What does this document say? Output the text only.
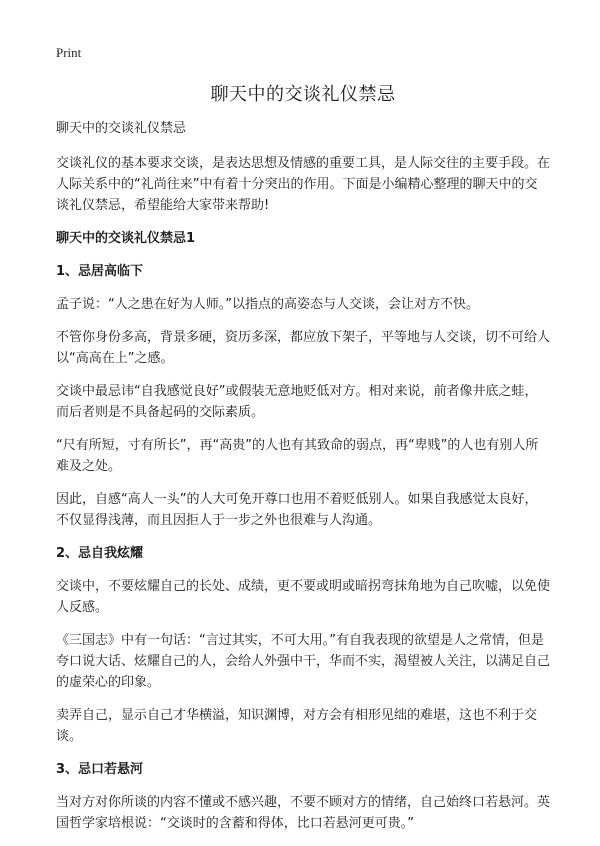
Print
聊天中的交谈礼仪禁忌

聊天中的交谈礼仪禁忌

交谈礼仪的基本要求交谈，是表达思想及情感的重要工具，是人际交往的主要手段。在人际关系中的“礼尚往来”中有着十分突出的作用。下面是小编精心整理的聊天中的交谈礼仪禁忌，希望能给大家带来帮助!

聊天中的交谈礼仪禁忌1

1、忌居高临下

孟子说：“人之患在好为人师。”以指点的高姿态与人交谈，会让对方不快。

不管你身份多高，背景多硬，资历多深，都应放下架子，平等地与人交谈，切不可给人以“高高在上”之感。

交谈中最忌讳“自我感觉良好”或假装无意地贬低对方。相对来说，前者像井底之蛙，而后者则是不具备起码的交际素质。

“尺有所短，寸有所长”，再“高贵”的人也有其致命的弱点，再“卑贱”的人也有别人所难及之处。

因此，自感“高人一头”的人大可免开尊口也用不着贬低别人。如果自我感觉太良好，不仅显得浅薄，而且因拒人于一步之外也很难与人沟通。

2、忌自我炫耀

交谈中，不要炫耀自己的长处、成绩，更不要或明或暗拐弯抹角地为自己吹嘘，以免使人反感。

《三国志》中有一句话：“言过其实，不可大用。”有自我表现的欲望是人之常情，但是夸口说大话、炫耀自己的人，会给人外强中干，华而不实，渴望被人关注，以满足自己的虚荣心的印象。

卖弄自己，显示自己才华横溢，知识渊博，对方会有相形见绌的难堪，这也不利于交谈。

3、忌口若悬河

当对方对你所谈的内容不懂或不感兴趣，不要不顾对方的情绪，自己始终口若悬河。英国哲学家培根说：“交谈时的含蓄和得体，比口若悬河更可贵。”
